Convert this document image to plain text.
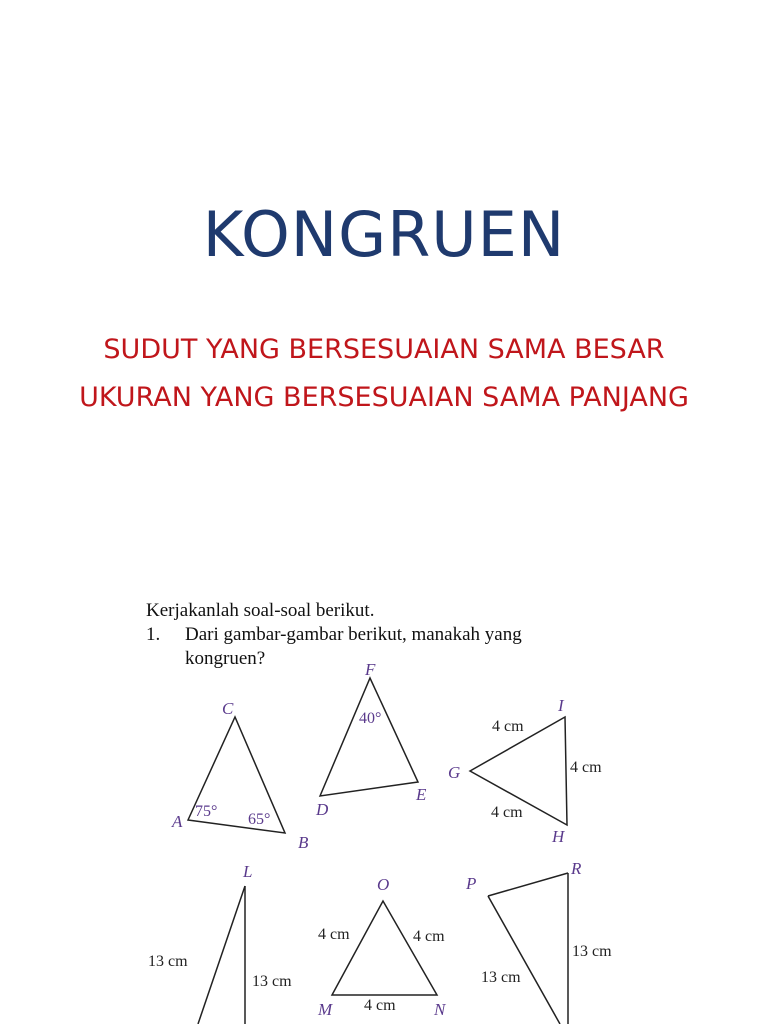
KONGRUEN
SUDUT YANG BERSESUAIAN SAMA BESAR
UKURAN YANG BERSESUAIAN SAMA PANJANG
Kerjakanlah soal-soal berikut.
1. Dari gambar-gambar berikut, manakah yang
kongruen?
C
A
B
75° 65°
F
D
E
40°
I
G
H
4 cm
4 cm
4 cm
L
13 cm
13 cm
O
M	N
4 cm	4 cm
4 cm
P
R
13 cm
13 cm
